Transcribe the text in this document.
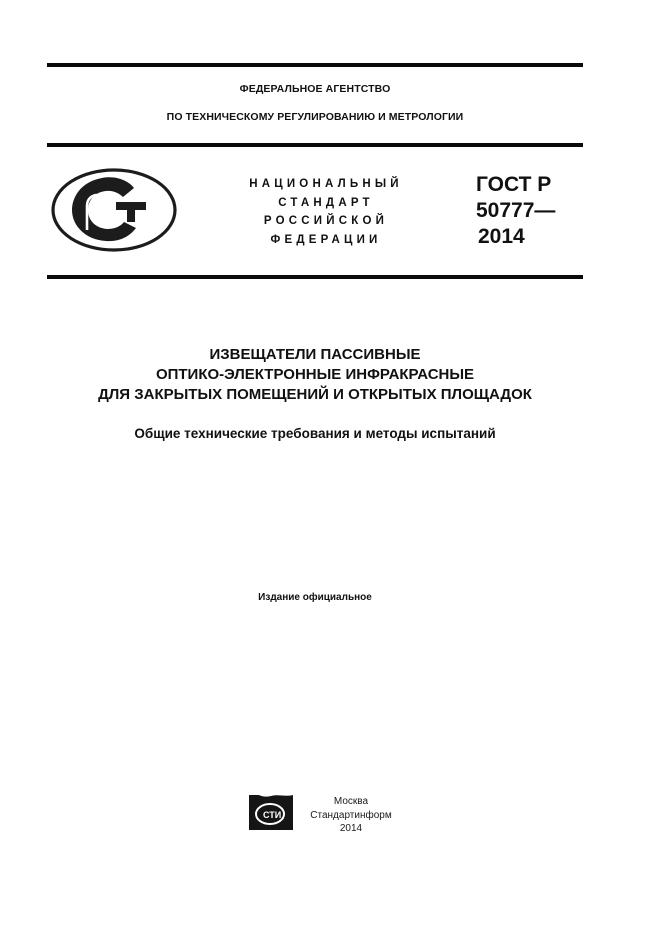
ФЕДЕРАЛЬНОЕ АГЕНТСТВО
ПО ТЕХНИЧЕСКОМУ РЕГУЛИРОВАНИЮ И МЕТРОЛОГИИ
НАЦИОНАЛЬНЫЙ
СТАНДАРТ
РОССИЙСКОЙ
ФЕДЕРАЦИИ
ГОСТ Р
50777—
2014
ИЗВЕЩАТЕЛИ ПАССИВНЫЕ
ОПТИКО-ЭЛЕКТРОННЫЕ ИНФРАКРАСНЫЕ
ДЛЯ ЗАКРЫТЫХ ПОМЕЩЕНИЙ И ОТКРЫТЫХ ПЛОЩАДОК
Общие технические требования и методы испытаний
Издание официальное
СТИ
Москва
Стандартинформ
2014
